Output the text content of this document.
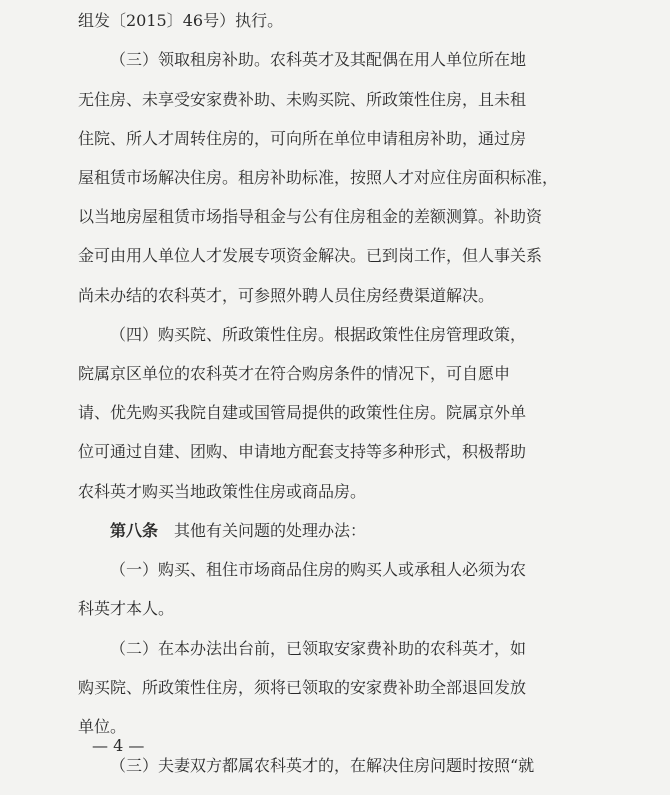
组发〔2015〕46号）执行。
（三）领取租房补助。农科英才及其配偶在用人单位所在地
无住房、未享受安家费补助、未购买院、所政策性住房，且未租
住院、所人才周转住房的，可向所在单位申请租房补助，通过房
屋租赁市场解决住房。租房补助标准，按照人才对应住房面积标准，
以当地房屋租赁市场指导租金与公有住房租金的差额测算。补助资
金可由用人单位人才发展专项资金解决。已到岗工作，但人事关系
尚未办结的农科英才，可参照外聘人员住房经费渠道解决。
（四）购买院、所政策性住房。根据政策性住房管理政策，
院属京区单位的农科英才在符合购房条件的情况下，可自愿申
请、优先购买我院自建或国管局提供的政策性住房。院属京外单
位可通过自建、团购、申请地方配套支持等多种形式，积极帮助
农科英才购买当地政策性住房或商品房。
第八条 其他有关问题的处理办法：
（一）购买、租住市场商品住房的购买人或承租人必须为农
科英才本人。
（二）在本办法出台前，已领取安家费补助的农科英才，如
购买院、所政策性住房，须将已领取的安家费补助全部退回发放
单位。
（三）夫妻双方都属农科英才的，在解决住房问题时按照“就
— 4 —
